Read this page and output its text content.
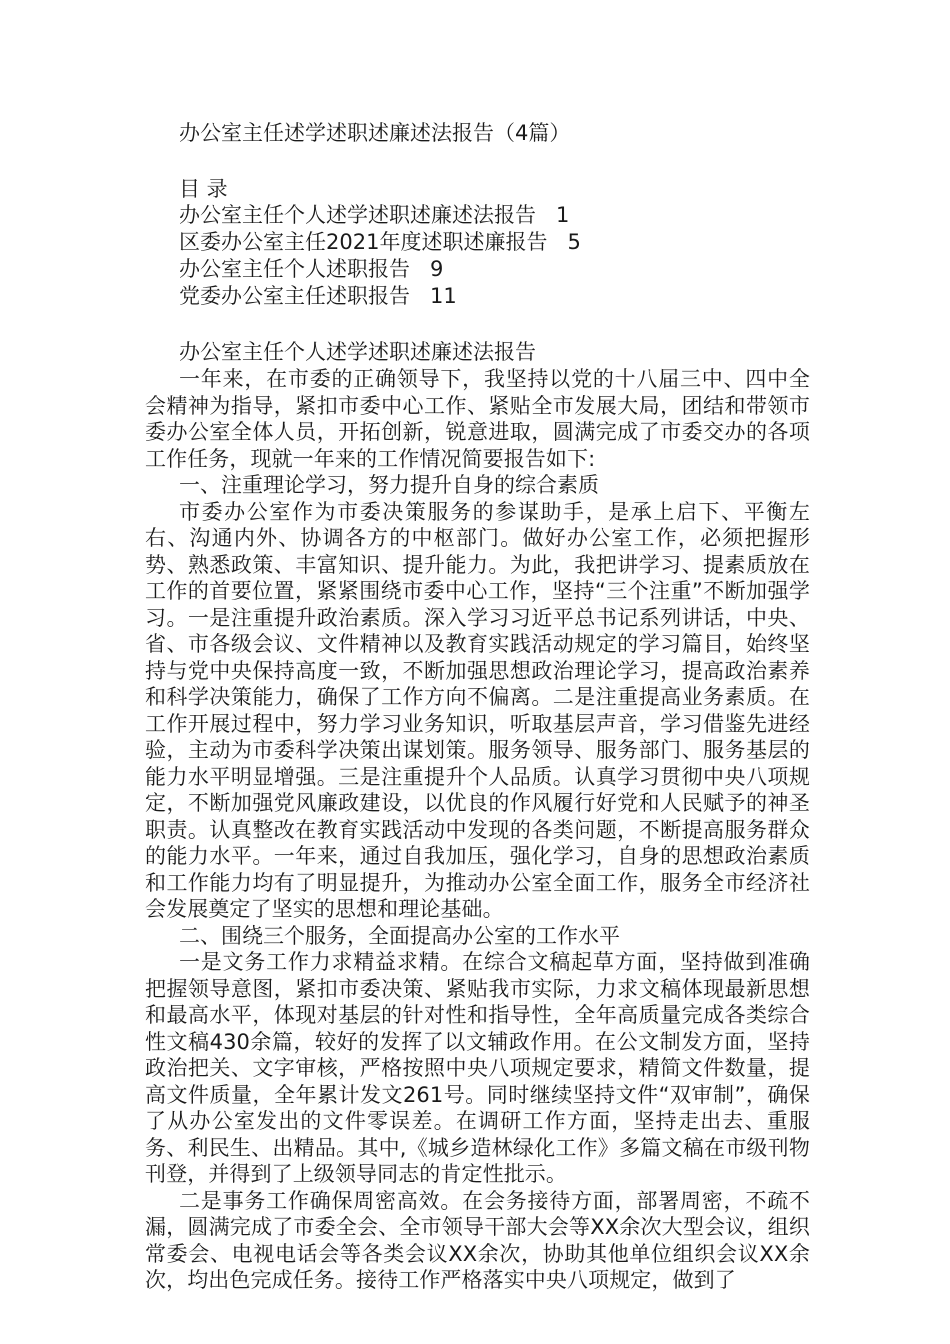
办公室主任述学述职述廉述法报告（4篇）
目 录
办公室主任个人述学述职述廉述法报告 1
区委办公室主任2021年度述职述廉报告 5
办公室主任个人述职报告 9
党委办公室主任述职报告 11
办公室主任个人述学述职述廉述法报告

一年来，在市委的正确领导下，我坚持以党的十八届三中、四中全会精神为指导，紧扣市委中心工作、紧贴全市发展大局，团结和带领市委办公室全体人员，开拓创新，锐意进取，圆满完成了市委交办的各项工作任务，现就一年来的工作情况简要报告如下:

一、注重理论学习，努力提升自身的综合素质

市委办公室作为市委决策服务的参谋助手，是承上启下、平衡左右、沟通内外、协调各方的中枢部门。做好办公室工作，必须把握形势、熟悉政策、丰富知识、提升能力。为此，我把讲学习、提素质放在工作的首要位置，紧紧围绕市委中心工作，坚持“三个注重”不断加强学习。一是注重提升政治素质。深入学习习近平总书记系列讲话，中央、省、市各级会议、文件精神以及教育实践活动规定的学习篇目，始终坚持与党中央保持高度一致，不断加强思想政治理论学习，提高政治素养和科学决策能力，确保了工作方向不偏离。二是注重提高业务素质。在工作开展过程中，努力学习业务知识，听取基层声音，学习借鉴先进经验，主动为市委科学决策出谋划策。服务领导、服务部门、服务基层的能力水平明显增强。三是注重提升个人品质。认真学习贯彻中央八项规定，不断加强党风廉政建设，以优良的作风履行好党和人民赋予的神圣职责。认真整改在教育实践活动中发现的各类问题，不断提高服务群众的能力水平。一年来，通过自我加压，强化学习，自身的思想政治素质和工作能力均有了明显提升，为推动办公室全面工作，服务全市经济社会发展奠定了坚实的思想和理论基础。

二、围绕三个服务，全面提高办公室的工作水平

一是文务工作力求精益求精。在综合文稿起草方面，坚持做到准确把握领导意图，紧扣市委决策、紧贴我市实际，力求文稿体现最新思想和最高水平，体现对基层的针对性和指导性，全年高质量完成各类综合性文稿430余篇，较好的发挥了以文辅政作用。在公文制发方面，坚持政治把关、文字审核，严格按照中央八项规定要求，精简文件数量，提高文件质量，全年累计发文261号。同时继续坚持文件“双审制”，确保了从办公室发出的文件零误差。在调研工作方面，坚持走出去、重服务、利民生、出精品。其中,《城乡造林绿化工作》多篇文稿在市级刊物刊登，并得到了上级领导同志的肯定性批示。

二是事务工作确保周密高效。在会务接待方面，部署周密，不疏不漏，圆满完成了市委全会、全市领导干部大会等XX余次大型会议，组织常委会、电视电话会等各类会议XX余次，协助其他单位组织会议XX余次，均出色完成任务。接待工作严格落实中央八项规定，做到了
